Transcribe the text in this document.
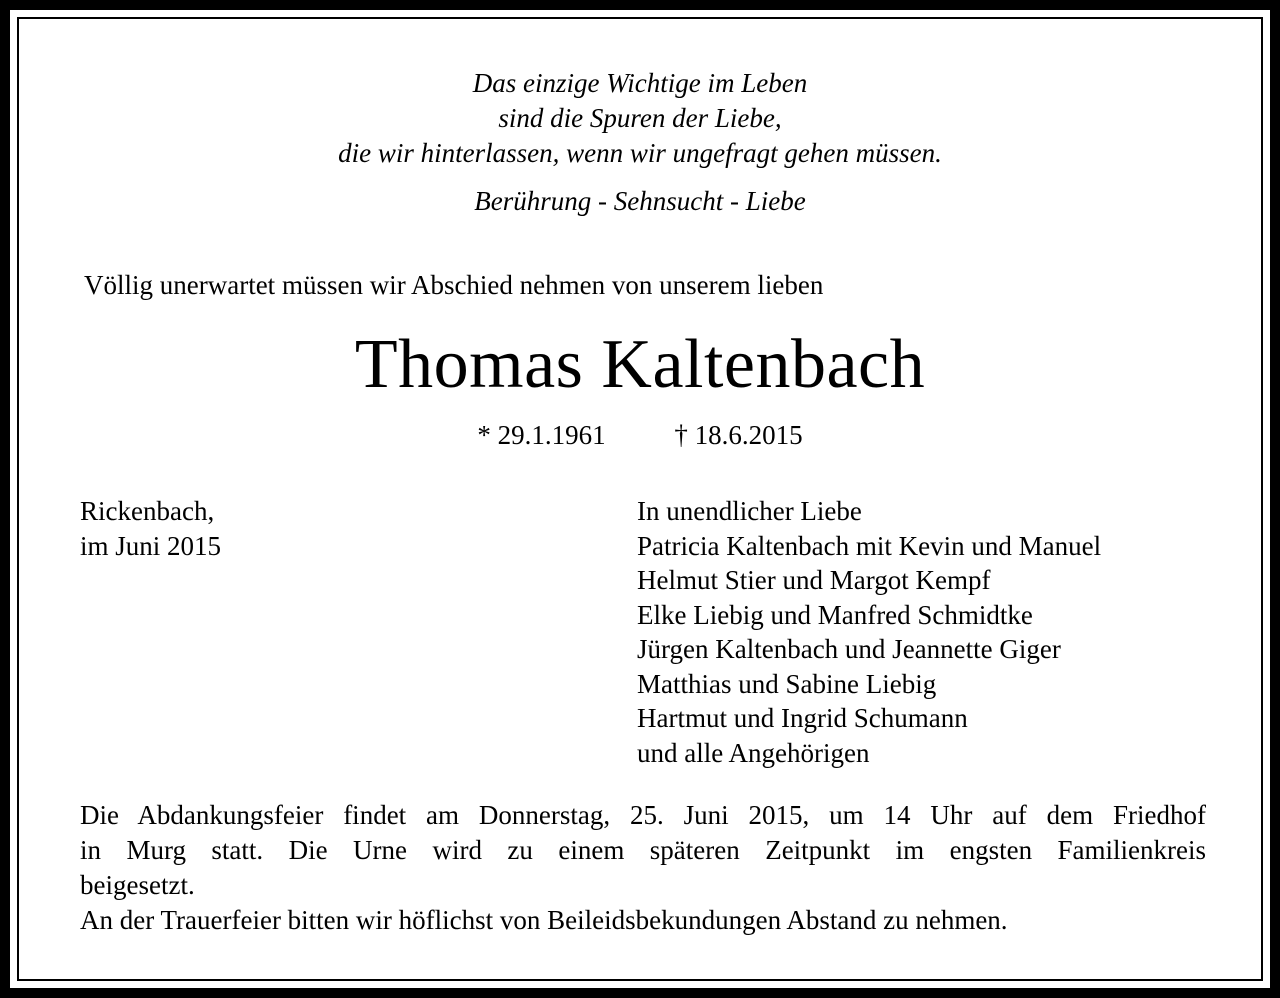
Das einzige Wichtige im Leben
sind die Spuren der Liebe,
die wir hinterlassen, wenn wir ungefragt gehen müssen.
Berührung - Sehnsucht - Liebe
Völlig unerwartet müssen wir Abschied nehmen von unserem lieben
Thomas Kaltenbach
* 29.1.1961	† 18.6.2015
Rickenbach,
im Juni 2015
In unendlicher Liebe
Patricia Kaltenbach mit Kevin und Manuel
Helmut Stier und Margot Kempf
Elke Liebig und Manfred Schmidtke
Jürgen Kaltenbach und Jeannette Giger
Matthias und Sabine Liebig
Hartmut und Ingrid Schumann
und alle Angehörigen
Die Abdankungsfeier findet am Donnerstag, 25. Juni 2015, um 14 Uhr auf dem Friedhof
in Murg statt. Die Urne wird zu einem späteren Zeitpunkt im engsten Familienkreis
beigesetzt.
An der Trauerfeier bitten wir höflichst von Beileidsbekundungen Abstand zu nehmen.
